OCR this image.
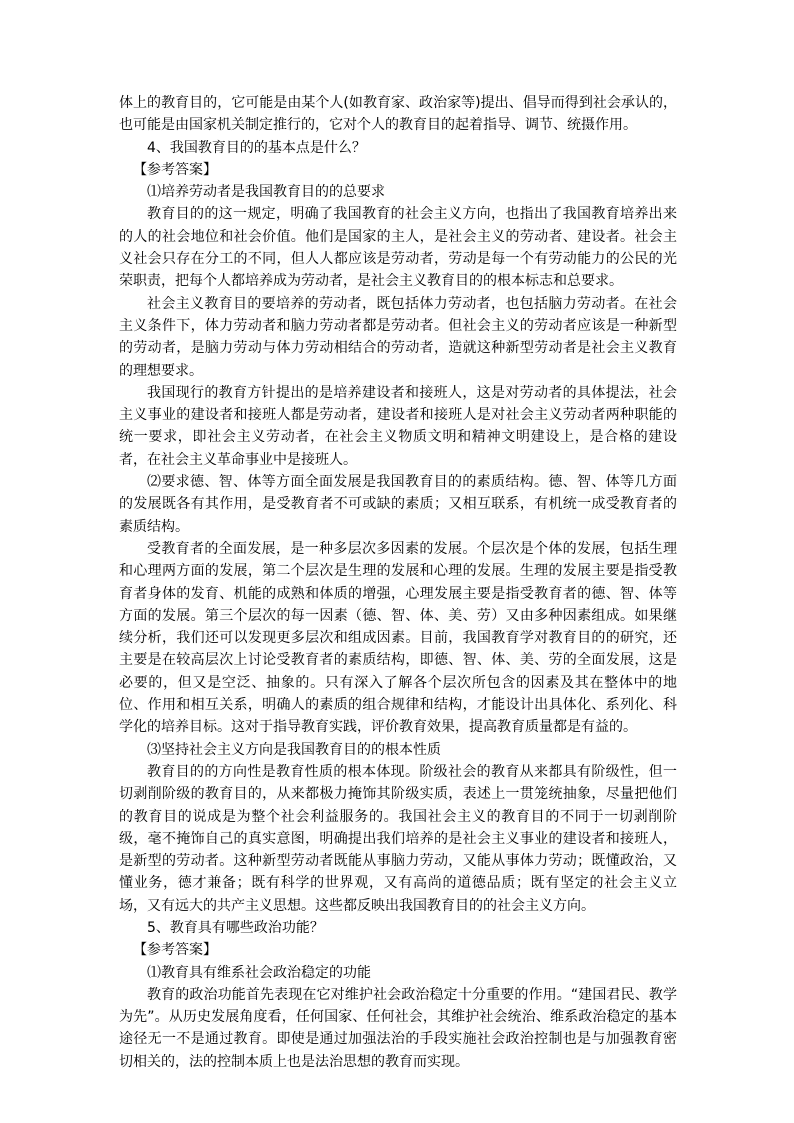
体上的教育目的，它可能是由某个人(如教育家、政治家等)提出、倡导而得到社会承认的，也可能是由国家机关制定推行的，它对个人的教育目的起着指导、调节、统摄作用。

4、我国教育目的的基本点是什么？

【参考答案】

⑴培养劳动者是我国教育目的的总要求

教育目的的这一规定，明确了我国教育的社会主义方向，也指出了我国教育培养出来的人的社会地位和社会价值。他们是国家的主人，是社会主义的劳动者、建设者。社会主义社会只存在分工的不同，但人人都应该是劳动者，劳动是每一个有劳动能力的公民的光荣职责，把每个人都培养成为劳动者，是社会主义教育目的的根本标志和总要求。

社会主义教育目的要培养的劳动者，既包括体力劳动者，也包括脑力劳动者。在社会主义条件下，体力劳动者和脑力劳动者都是劳动者。但社会主义的劳动者应该是一种新型的劳动者，是脑力劳动与体力劳动相结合的劳动者，造就这种新型劳动者是社会主义教育的理想要求。

我国现行的教育方针提出的是培养建设者和接班人，这是对劳动者的具体提法，社会主义事业的建设者和接班人都是劳动者，建设者和接班人是对社会主义劳动者两种职能的统一要求，即社会主义劳动者，在社会主义物质文明和精神文明建设上，是合格的建设者，在社会主义革命事业中是接班人。

⑵要求德、智、体等方面全面发展是我国教育目的的素质结构。德、智、体等几方面的发展既各有其作用，是受教育者不可或缺的素质；又相互联系，有机统一成受教育者的素质结构。

受教育者的全面发展，是一种多层次多因素的发展。个层次是个体的发展，包括生理和心理两方面的发展，第二个层次是生理的发展和心理的发展。生理的发展主要是指受教育者身体的发育、机能的成熟和体质的增强，心理发展主要是指受教育者的德、智、体等方面的发展。第三个层次的每一因素（德、智、体、美、劳）又由多种因素组成。如果继续分析，我们还可以发现更多层次和组成因素。目前，我国教育学对教育目的的研究，还主要是在较高层次上讨论受教育者的素质结构，即德、智、体、美、劳的全面发展，这是必要的，但又是空泛、抽象的。只有深入了解各个层次所包含的因素及其在整体中的地位、作用和相互关系，明确人的素质的组合规律和结构，才能设计出具体化、系列化、科学化的培养目标。这对于指导教育实践，评价教育效果，提高教育质量都是有益的。

⑶坚持社会主义方向是我国教育目的的根本性质

教育目的的方向性是教育性质的根本体现。阶级社会的教育从来都具有阶级性，但一切剥削阶级的教育目的，从来都极力掩饰其阶级实质，表述上一贯笼统抽象，尽量把他们的教育目的说成是为整个社会利益服务的。我国社会主义的教育目的不同于一切剥削阶级，毫不掩饰自己的真实意图，明确提出我们培养的是社会主义事业的建设者和接班人，是新型的劳动者。这种新型劳动者既能从事脑力劳动，又能从事体力劳动；既懂政治，又懂业务，德才兼备；既有科学的世界观，又有高尚的道德品质；既有坚定的社会主义立场，又有远大的共产主义思想。这些都反映出我国教育目的的社会主义方向。

5、教育具有哪些政治功能？

【参考答案】

⑴教育具有维系社会政治稳定的功能

教育的政治功能首先表现在它对维护社会政治稳定十分重要的作用。“建国君民、教学为先”。从历史发展角度看，任何国家、任何社会，其维护社会统治、维系政治稳定的基本途径无一不是通过教育。即使是通过加强法治的手段实施社会政治控制也是与加强教育密切相关的，法的控制本质上也是法治思想的教育而实现。
